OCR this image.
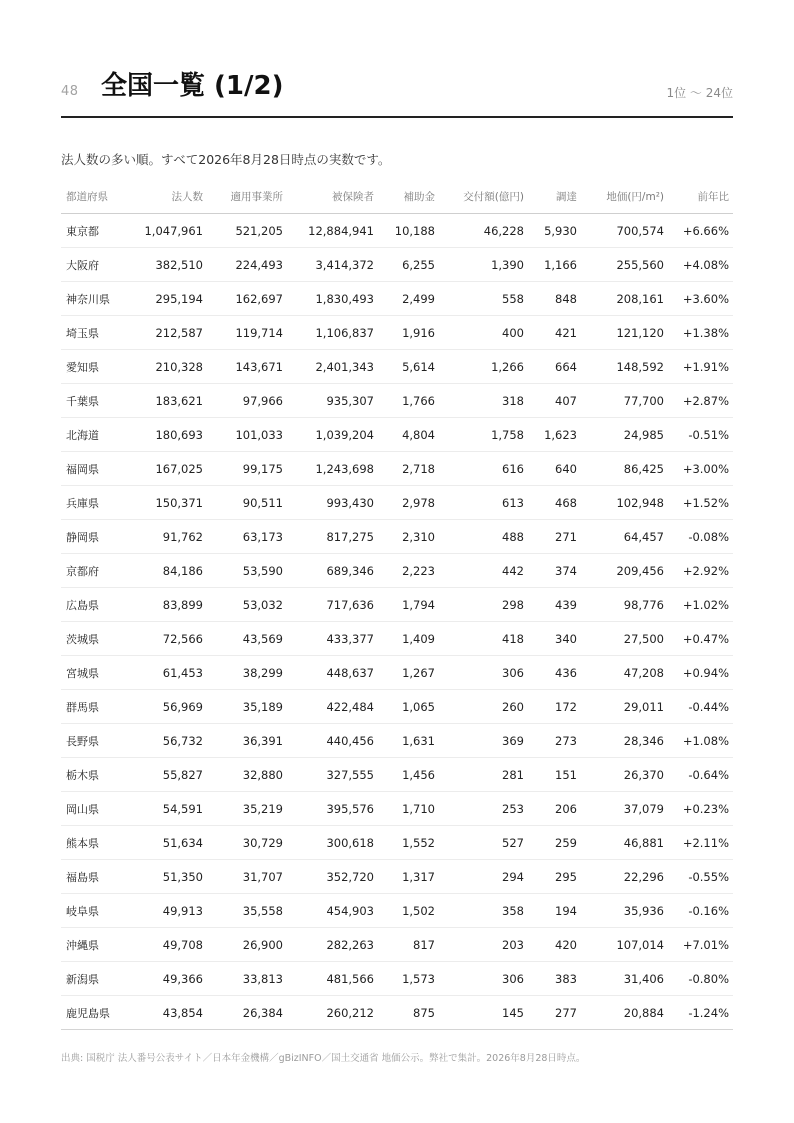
48 全国一覧 (1/2)	1位 〜 24位

法人数の多い順。すべて2026年8月28日時点の実数です。

都道府県	法人数	適用事業所	被保険者	補助金	交付額(億円)	調達	地価(円/m²)	前年比
東京都	1,047,961	521,205	12,884,941	10,188	46,228	5,930	700,574	+6.66%
大阪府	382,510	224,493	3,414,372	6,255	1,390	1,166	255,560	+4.08%
神奈川県	295,194	162,697	1,830,493	2,499	558	848	208,161	+3.60%
埼玉県	212,587	119,714	1,106,837	1,916	400	421	121,120	+1.38%
愛知県	210,328	143,671	2,401,343	5,614	1,266	664	148,592	+1.91%
千葉県	183,621	97,966	935,307	1,766	318	407	77,700	+2.87%
北海道	180,693	101,033	1,039,204	4,804	1,758	1,623	24,985	-0.51%
福岡県	167,025	99,175	1,243,698	2,718	616	640	86,425	+3.00%
兵庫県	150,371	90,511	993,430	2,978	613	468	102,948	+1.52%
静岡県	91,762	63,173	817,275	2,310	488	271	64,457	-0.08%
京都府	84,186	53,590	689,346	2,223	442	374	209,456	+2.92%
広島県	83,899	53,032	717,636	1,794	298	439	98,776	+1.02%
茨城県	72,566	43,569	433,377	1,409	418	340	27,500	+0.47%
宮城県	61,453	38,299	448,637	1,267	306	436	47,208	+0.94%
群馬県	56,969	35,189	422,484	1,065	260	172	29,011	-0.44%
長野県	56,732	36,391	440,456	1,631	369	273	28,346	+1.08%
栃木県	55,827	32,880	327,555	1,456	281	151	26,370	-0.64%
岡山県	54,591	35,219	395,576	1,710	253	206	37,079	+0.23%
熊本県	51,634	30,729	300,618	1,552	527	259	46,881	+2.11%
福島県	51,350	31,707	352,720	1,317	294	295	22,296	-0.55%
岐阜県	49,913	35,558	454,903	1,502	358	194	35,936	-0.16%
沖縄県	49,708	26,900	282,263	817	203	420	107,014	+7.01%
新潟県	49,366	33,813	481,566	1,573	306	383	31,406	-0.80%
鹿児島県	43,854	26,384	260,212	875	145	277	20,884	-1.24%
出典: 国税庁 法人番号公表サイト／日本年金機構／gBizINFO／国土交通省 地価公示。弊社で集計。2026年8月28日時点。
